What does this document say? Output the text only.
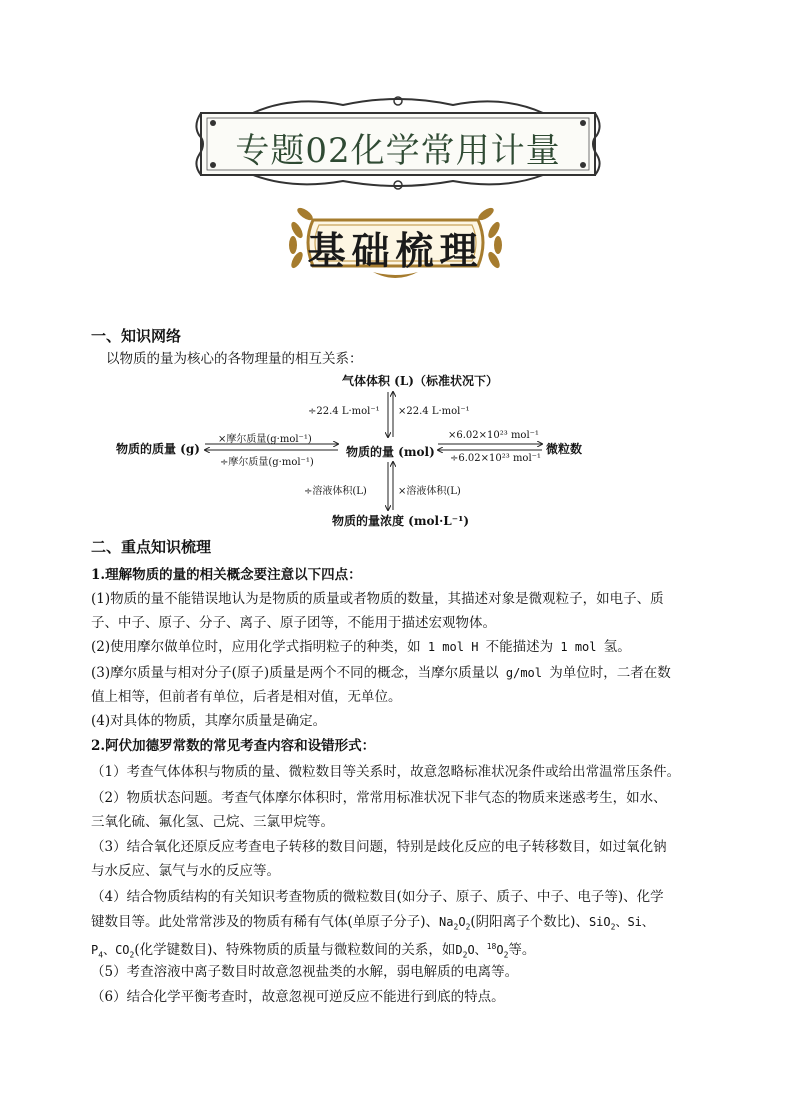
专题02化学常用计量
基础梳理
一、知识网络
以物质的量为核心的各物理量的相互关系：
气体体积 (L)（标准状况下）
÷22.4 L·mol⁻¹ ×22.4 L·mol⁻¹
物质的质量 (g)
×摩尔质量(g·mol⁻¹)
÷摩尔质量(g·mol⁻¹)
物质的量 (mol)
×6.02×10²³ mol⁻¹
÷6.02×10²³ mol⁻¹
微粒数
÷溶液体积(L)	×溶液体积(L)
物质的量浓度 (mol·L⁻¹)
二、重点知识梳理
1.理解物质的量的相关概念要注意以下四点：
(1)物质的量不能错误地认为是物质的质量或者物质的数量，其描述对象是微观粒子，如电子、质
子、中子、原子、分子、离子、原子团等，不能用于描述宏观物体。
(2)使用摩尔做单位时，应用化学式指明粒子的种类，如 1 mol H 不能描述为 1 mol 氢。
(3)摩尔质量与相对分子(原子)质量是两个不同的概念，当摩尔质量以 g/mol 为单位时，二者在数
值上相等，但前者有单位，后者是相对值，无单位。
(4)对具体的物质，其摩尔质量是确定。
2.阿伏加德罗常数的常见考查内容和设错形式：
（1）考查气体体积与物质的量、微粒数目等关系时，故意忽略标准状况条件或给出常温常压条件。
（2）物质状态问题。考查气体摩尔体积时，常常用标准状况下非气态的物质来迷惑考生，如水、
三氧化硫、氟化氢、己烷、三氯甲烷等。
（3）结合氧化还原反应考查电子转移的数目问题，特别是歧化反应的电子转移数目，如过氧化钠
与水反应、氯气与水的反应等。
（4）结合物质结构的有关知识考查物质的微粒数目(如分子、原子、质子、中子、电子等)、化学
键数目等。此处常常涉及的物质有稀有气体(单原子分子)、$Na_2O_2$(阴阳离子个数比)、SiO$_2$、Si、
$P_4$、$CO_2$(化学键数目)、特殊物质的质量与微粒数间的关系，如$D_2O$、$^{18}O_2$等。
（5）考查溶液中离子数目时故意忽视盐类的水解，弱电解质的电离等。
（6）结合化学平衡考查时，故意忽视可逆反应不能进行到底的特点。
